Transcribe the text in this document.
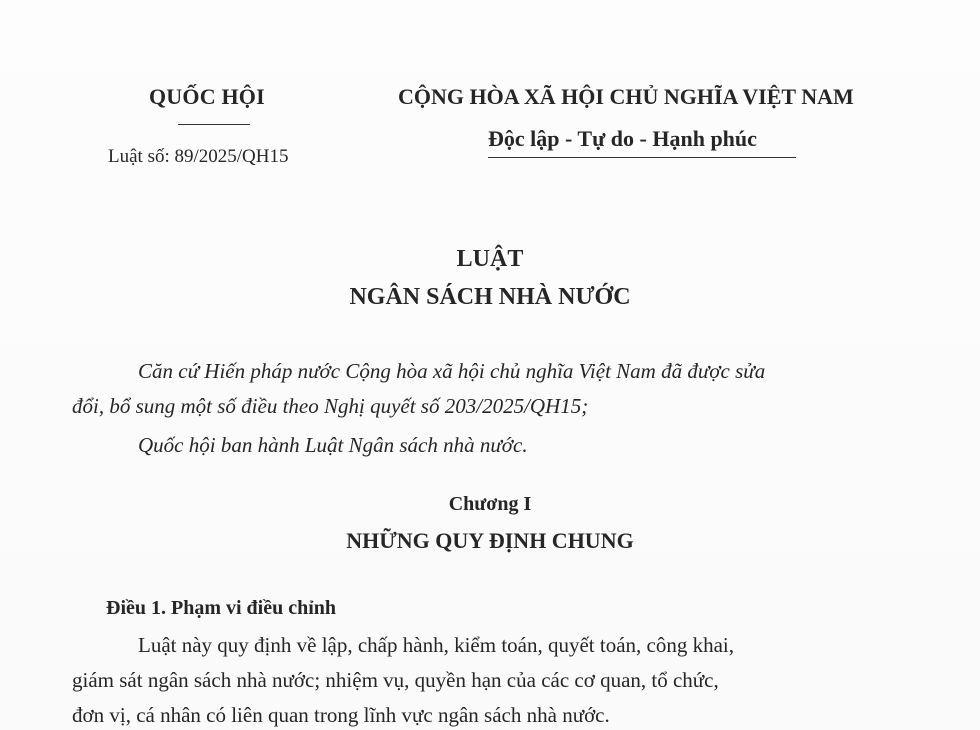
QUỐC HỘI
Luật số: 89/2025/QH15
CỘNG HÒA XÃ HỘI CHỦ NGHĨA VIỆT NAM
Độc lập - Tự do - Hạnh phúc
LUẬT
NGÂN SÁCH NHÀ NƯỚC
Căn cứ Hiến pháp nước Cộng hòa xã hội chủ nghĩa Việt Nam đã được sửa
đổi, bổ sung một số điều theo Nghị quyết số 203/2025/QH15;
Quốc hội ban hành Luật Ngân sách nhà nước.
Chương I
NHỮNG QUY ĐỊNH CHUNG
Điều 1. Phạm vi điều chỉnh
Luật này quy định về lập, chấp hành, kiểm toán, quyết toán, công khai,
giám sát ngân sách nhà nước; nhiệm vụ, quyền hạn của các cơ quan, tổ chức,
đơn vị, cá nhân có liên quan trong lĩnh vực ngân sách nhà nước.
